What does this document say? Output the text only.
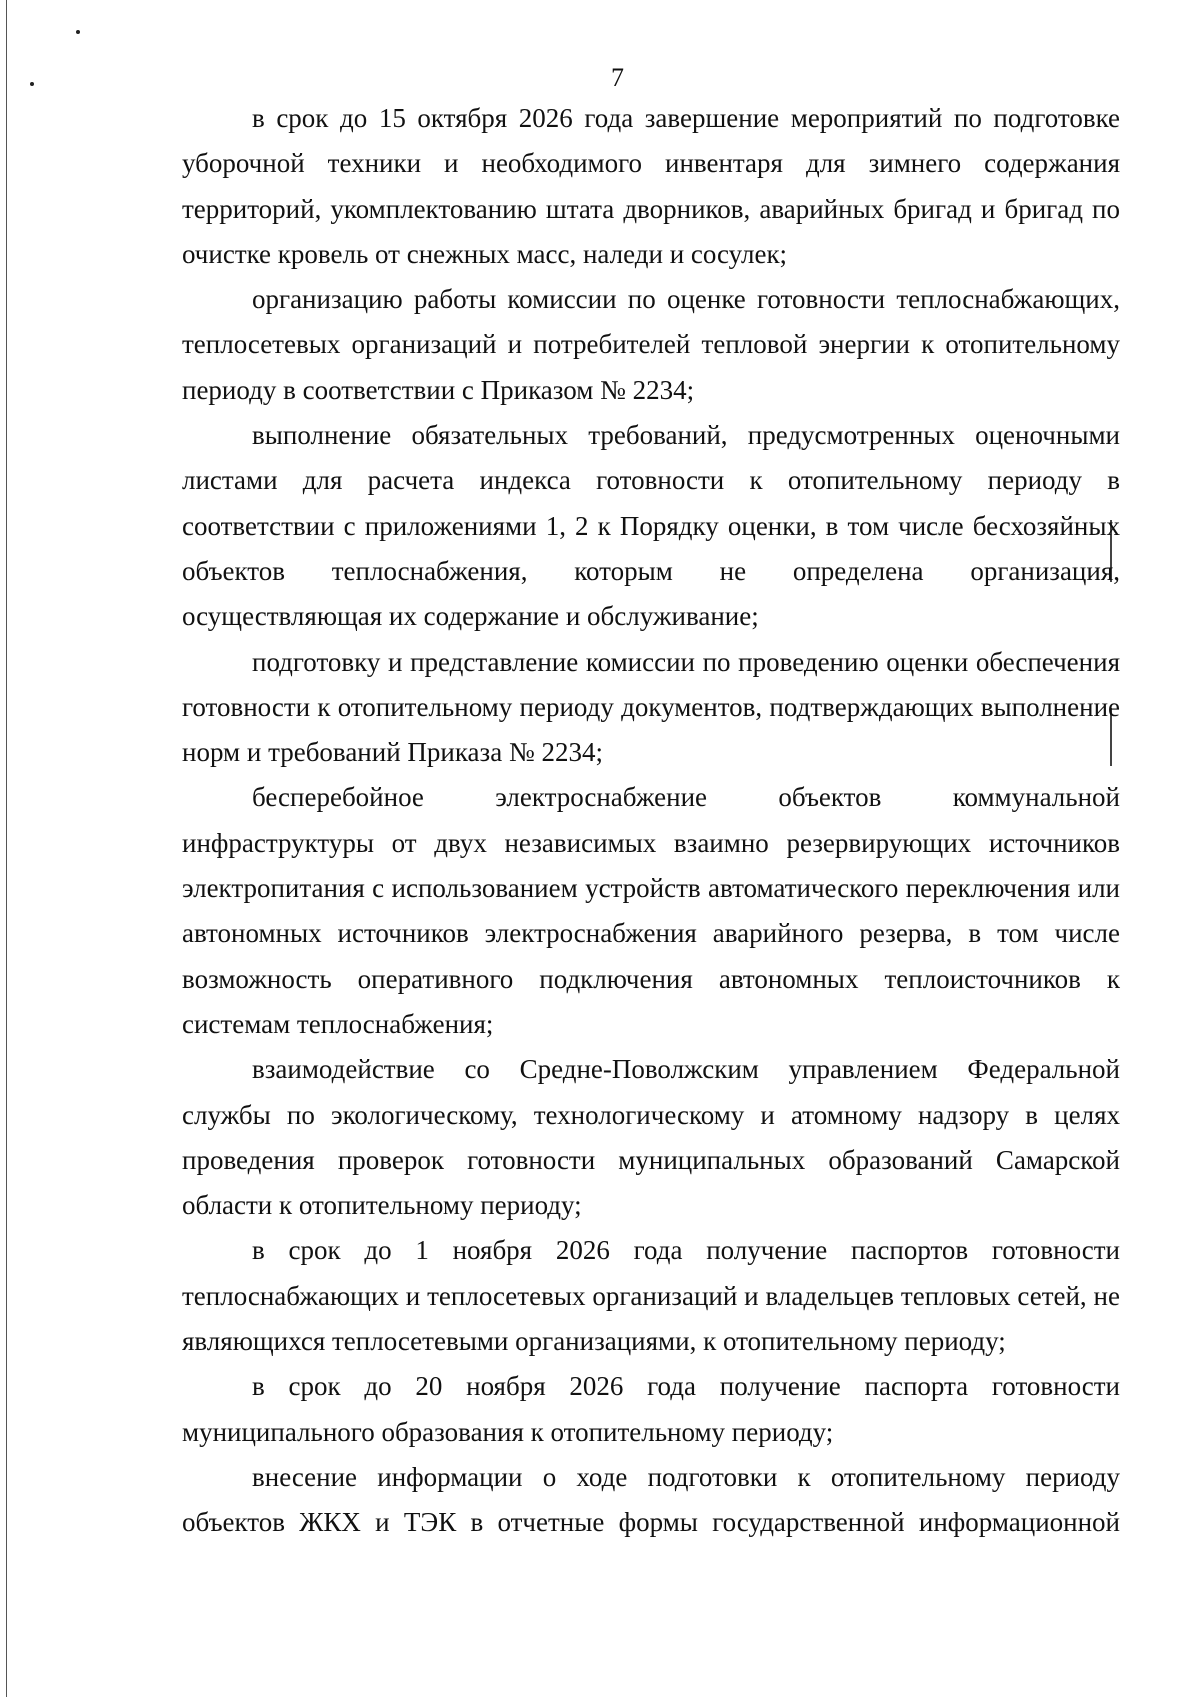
7

в срок до 15 октября 2026 года завершение мероприятий по подготовке уборочной техники и необходимого инвентаря для зимнего содержания территорий, укомплектованию штата дворников, аварийных бригад и бригад по очистке кровель от снежных масс, наледи и сосулек;

организацию работы комиссии по оценке готовности теплоснабжающих, теплосетевых организаций и потребителей тепловой энергии к отопительному периоду в соответствии с Приказом № 2234;

выполнение обязательных требований, предусмотренных оценочными листами для расчета индекса готовности к отопительному периоду в соответствии с приложениями 1, 2 к Порядку оценки, в том числе бесхозяйных объектов теплоснабжения, которым не определена организация, осуществляющая их содержание и обслуживание;

подготовку и представление комиссии по проведению оценки обеспечения готовности к отопительному периоду документов, подтверждающих выполнение норм и требований Приказа № 2234;

бесперебойное электроснабжение объектов коммунальной инфраструктуры от двух независимых взаимно резервирующих источников электропитания с использованием устройств автоматического переключения или автономных источников электроснабжения аварийного резерва, в том числе возможность оперативного подключения автономных теплоисточников к системам теплоснабжения;

взаимодействие со Средне-Поволжским управлением Федеральной службы по экологическому, технологическому и атомному надзору в целях проведения проверок готовности муниципальных образований Самарской области к отопительному периоду;

в срок до 1 ноября 2026 года получение паспортов готовности теплоснабжающих и теплосетевых организаций и владельцев тепловых сетей, не являющихся теплосетевыми организациями, к отопительному периоду;

в срок до 20 ноября 2026 года получение паспорта готовности муниципального образования к отопительному периоду;

внесение информации о ходе подготовки к отопительному периоду объектов ЖКХ и ТЭК в отчетные формы государственной информационной
